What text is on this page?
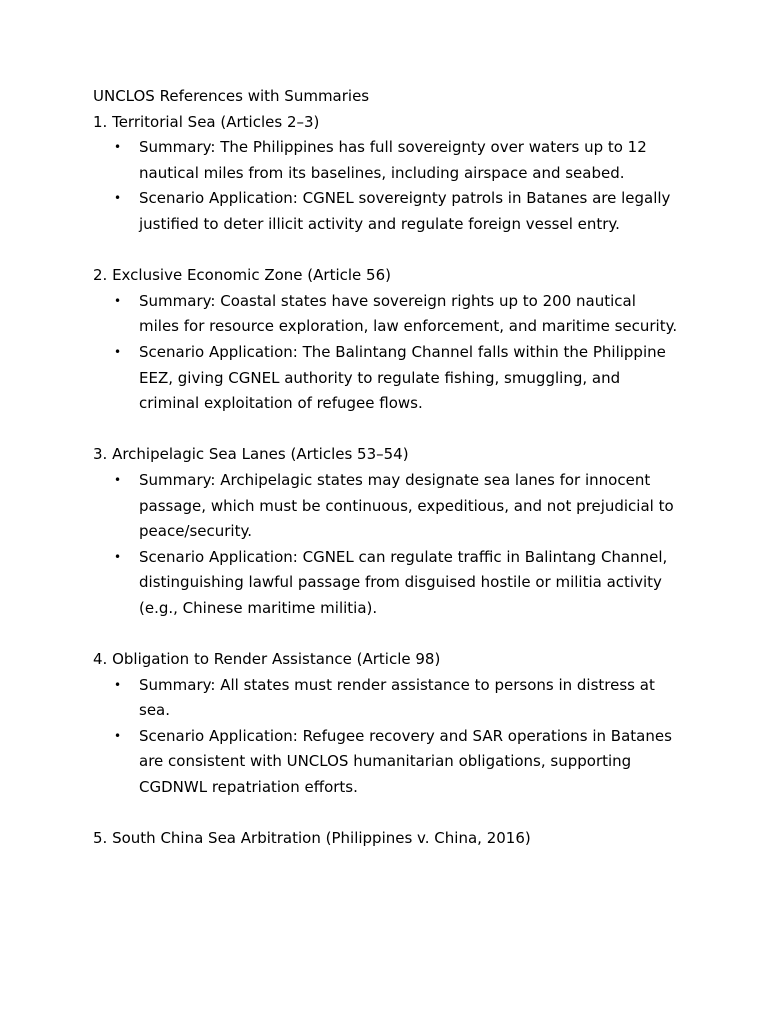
UNCLOS References with Summaries

1. Territorial Sea (Articles 2–3)

• Summary: The Philippines has full sovereignty over waters up to 12 nautical miles from its baselines, including airspace and seabed.
• Scenario Application: CGNEL sovereignty patrols in Batanes are legally justified to deter illicit activity and regulate foreign vessel entry.

2. Exclusive Economic Zone (Article 56)

• Summary: Coastal states have sovereign rights up to 200 nautical miles for resource exploration, law enforcement, and maritime security.
• Scenario Application: The Balintang Channel falls within the Philippine EEZ, giving CGNEL authority to regulate fishing, smuggling, and criminal exploitation of refugee flows.

3. Archipelagic Sea Lanes (Articles 53–54)

• Summary: Archipelagic states may designate sea lanes for innocent passage, which must be continuous, expeditious, and not prejudicial to peace/security.
• Scenario Application: CGNEL can regulate traffic in Balintang Channel, distinguishing lawful passage from disguised hostile or militia activity (e.g., Chinese maritime militia).

4. Obligation to Render Assistance (Article 98)

• Summary: All states must render assistance to persons in distress at sea.
• Scenario Application: Refugee recovery and SAR operations in Batanes are consistent with UNCLOS humanitarian obligations, supporting CGDNWL repatriation efforts.

5. South China Sea Arbitration (Philippines v. China, 2016)
